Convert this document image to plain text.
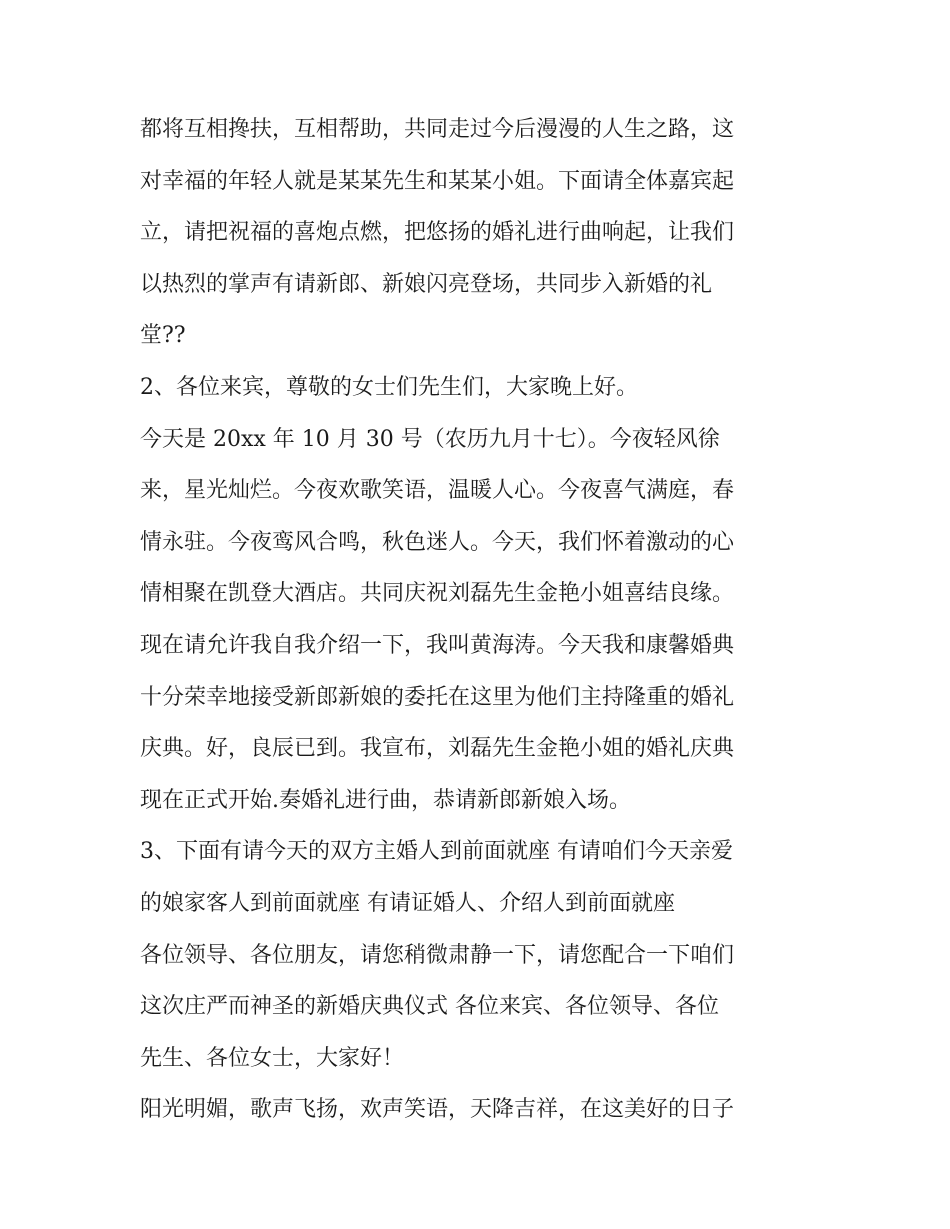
都将互相搀扶，互相帮助，共同走过今后漫漫的人生之路，这
对幸福的年轻人就是某某先生和某某小姐。下面请全体嘉宾起
立，请把祝福的喜炮点燃，把悠扬的婚礼进行曲响起，让我们
以热烈的掌声有请新郎、新娘闪亮登场，共同步入新婚的礼
堂??
2、各位来宾，尊敬的女士们先生们，大家晚上好。
今天是 20xx 年 10 月 30 号（农历九月十七）。今夜轻风徐
来，星光灿烂。今夜欢歌笑语，温暖人心。今夜喜气满庭，春
情永驻。今夜鸾风合鸣，秋色迷人。今天，我们怀着激动的心
情相聚在凯登大酒店。共同庆祝刘磊先生金艳小姐喜结良缘。
现在请允许我自我介绍一下，我叫黄海涛。今天我和康馨婚典
十分荣幸地接受新郎新娘的委托在这里为他们主持隆重的婚礼
庆典。好，良辰已到。我宣布，刘磊先生金艳小姐的婚礼庆典
现在正式开始.奏婚礼进行曲，恭请新郎新娘入场。
3、下面有请今天的双方主婚人到前面就座 有请咱们今天亲爱
的娘家客人到前面就座 有请证婚人、介绍人到前面就座
各位领导、各位朋友，请您稍微肃静一下，请您配合一下咱们
这次庄严而神圣的新婚庆典仪式 各位来宾、各位领导、各位
先生、各位女士，大家好！
阳光明媚，歌声飞扬，欢声笑语，天降吉祥，在这美好的日子
